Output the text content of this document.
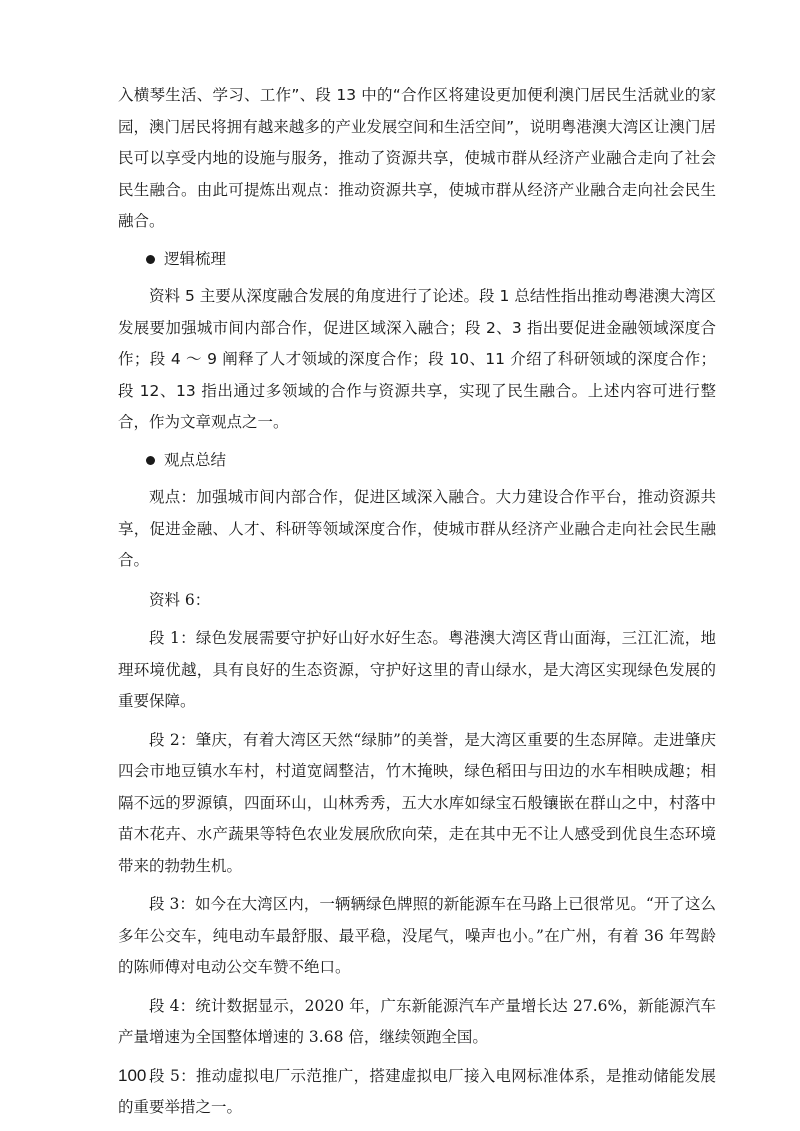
入横琴生活、学习、工作”、段 13 中的“合作区将建设更加便利澳门居民生活就业的家园，澳门居民将拥有越来越多的产业发展空间和生活空间”，说明粤港澳大湾区让澳门居民可以享受内地的设施与服务，推动了资源共享，使城市群从经济产业融合走向了社会民生融合。由此可提炼出观点：推动资源共享，使城市群从经济产业融合走向社会民生融合。

逻辑梳理

资料 5 主要从深度融合发展的角度进行了论述。段 1 总结性指出推动粤港澳大湾区发展要加强城市间内部合作，促进区域深入融合；段 2、3 指出要促进金融领域深度合作；段 4 ～ 9 阐释了人才领域的深度合作；段 10、11 介绍了科研领域的深度合作；段 12、13 指出通过多领域的合作与资源共享，实现了民生融合。上述内容可进行整合，作为文章观点之一。

观点总结

观点：加强城市间内部合作，促进区域深入融合。大力建设合作平台，推动资源共享，促进金融、人才、科研等领域深度合作，使城市群从经济产业融合走向社会民生融合。

资料 6：

段 1：绿色发展需要守护好山好水好生态。粤港澳大湾区背山面海，三江汇流，地理环境优越，具有良好的生态资源，守护好这里的青山绿水，是大湾区实现绿色发展的重要保障。

段 2：肇庆，有着大湾区天然“绿肺”的美誉，是大湾区重要的生态屏障。走进肇庆四会市地豆镇水车村，村道宽阔整洁，竹木掩映，绿色稻田与田边的水车相映成趣；相隔不远的罗源镇，四面环山，山林秀秀，五大水库如绿宝石般镶嵌在群山之中，村落中苗木花卉、水产蔬果等特色农业发展欣欣向荣，走在其中无不让人感受到优良生态环境带来的勃勃生机。

段 3：如今在大湾区内，一辆辆绿色牌照的新能源车在马路上已很常见。“开了这么多年公交车，纯电动车最舒服、最平稳，没尾气，噪声也小。”在广州，有着 36 年驾龄的陈师傅对电动公交车赞不绝口。

段 4：统计数据显示，2020 年，广东新能源汽车产量增长达 27.6%，新能源汽车产量增速为全国整体增速的 3.68 倍，继续领跑全国。

段 5：推动虚拟电厂示范推广，搭建虚拟电厂接入电网标准体系，是推动储能发展的重要举措之一。

100
